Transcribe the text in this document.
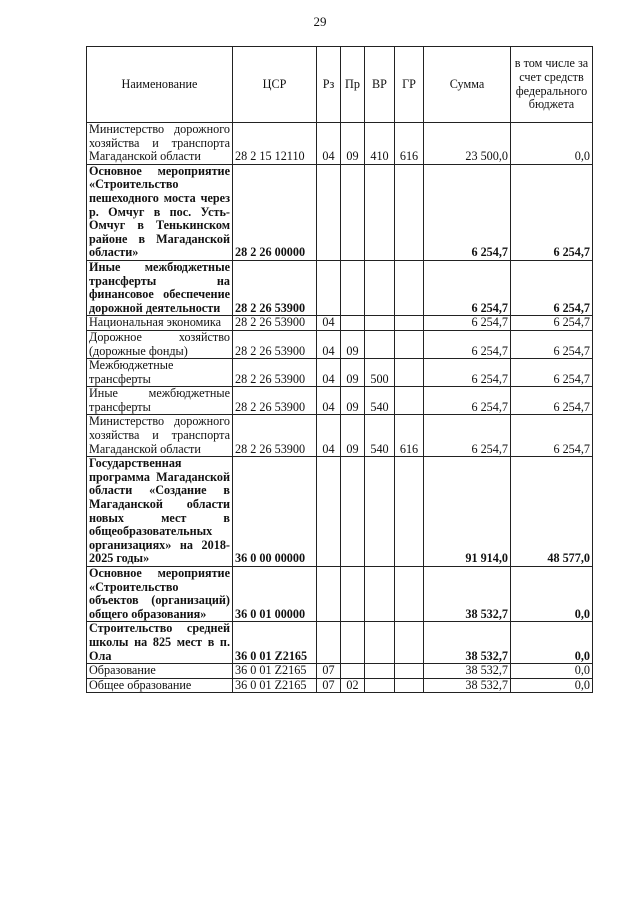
29
Наименование	ЦСР	Рз	Пр	ВР	ГР	Сумма	в том числе за счет средств федерального бюджета
Министерство дорожного хозяйства и транспорта Магаданской области	28 2 15 12110	04	09	410	616	23 500,0	0,0
Основное мероприятие «Строительство пешеходного моста через р. Омчуг в пос. Усть-Омчуг в Тенькинском районе в Магаданской области»	28 2 26 00000					6 254,7	6 254,7
Иные межбюджетные трансферты на финансовое обеспечение дорожной деятельности	28 2 26 53900					6 254,7	6 254,7
Национальная экономика	28 2 26 53900	04				6 254,7	6 254,7
Дорожное хозяйство (дорожные фонды)	28 2 26 53900	04	09			6 254,7	6 254,7
Межбюджетные трансферты	28 2 26 53900	04	09	500		6 254,7	6 254,7
Иные межбюджетные трансферты	28 2 26 53900	04	09	540		6 254,7	6 254,7
Министерство дорожного хозяйства и транспорта Магаданской области	28 2 26 53900	04	09	540	616	6 254,7	6 254,7
Государственная программа Магаданской области «Создание в Магаданской области новых мест в общеобразовательных организациях» на 2018-2025 годы»	36 0 00 00000					91 914,0	48 577,0
Основное мероприятие «Строительство объектов (организаций) общего образования»	36 0 01 00000					38 532,7	0,0
Строительство средней школы на 825 мест в п. Ола	36 0 01 Z2165					38 532,7	0,0
Образование	36 0 01 Z2165	07				38 532,7	0,0
Общее образование	36 0 01 Z2165	07	02			38 532,7	0,0
